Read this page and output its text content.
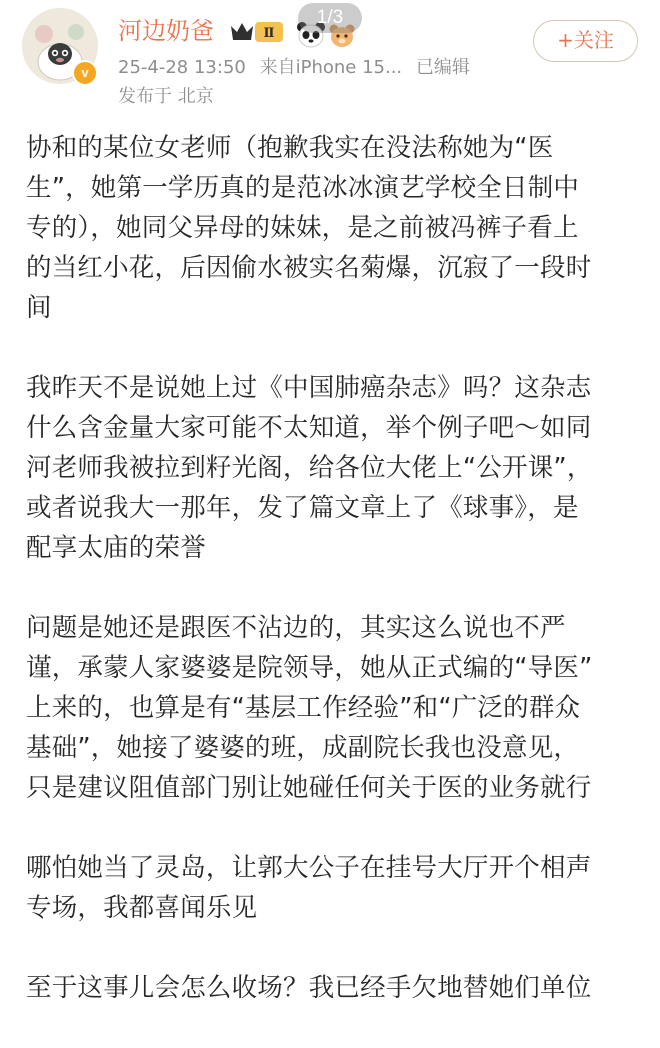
v
河边奶爸	Ⅱ
1/3
25-4-28 13:50 来自iPhone 15... 已编辑
发布于 北京
+关注
协和的某位女老师（抱歉我实在没法称她为“医
生”，她第一学历真的是范冰冰演艺学校全日制中
专的），她同父异母的妹妹，是之前被冯裤子看上
的当红小花，后因偷水被实名菊爆，沉寂了一段时
间
我昨天不是说她上过《中国肺癌杂志》吗？这杂志
什么含金量大家可能不太知道，举个例子吧～如同
河老师我被拉到籽光阁，给各位大佬上“公开课”，
或者说我大一那年，发了篇文章上了《球事》，是
配享太庙的荣誉
问题是她还是跟医不沾边的，其实这么说也不严
谨，承蒙人家婆婆是院领导，她从正式编的“导医”
上来的，也算是有“基层工作经验”和“广泛的群众
基础”，她接了婆婆的班，成副院长我也没意见，
只是建议阻值部门别让她碰任何关于医的业务就行
哪怕她当了灵岛，让郭大公子在挂号大厅开个相声
专场，我都喜闻乐见
至于这事儿会怎么收场？我已经手欠地替她们单位
